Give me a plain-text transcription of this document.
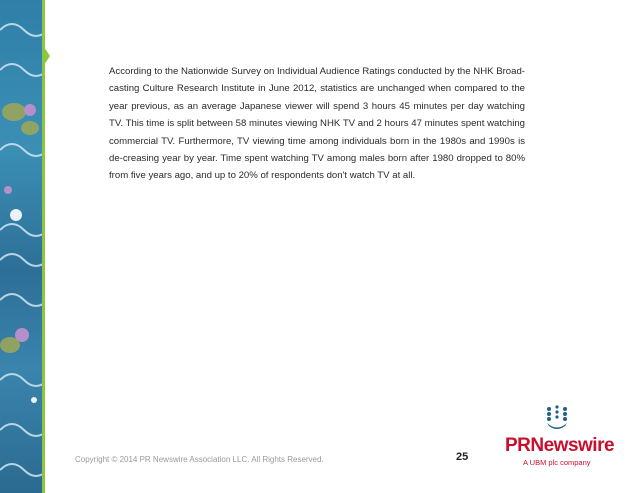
According to the Nationwide Survey on Individual Audience Ratings conducted by the NHK Broad-casting Culture Research Institute in June 2012, statistics are unchanged when compared to the year previous, as an average Japanese viewer will spend 3 hours 45 minutes per day watching TV. This time is split between 58 minutes viewing NHK TV and 2 hours 47 minutes spent watching commercial TV. Furthermore, TV viewing time among individuals born in the 1980s and 1990s is de-creasing year by year. Time spent watching TV among males born after 1980 dropped to 80% from five years ago, and up to 20% of respondents don't watch TV at all.

Copyright © 2014 PR Newswire Association LLC. All Rights Reserved.	25
PRNewswire
A UBM plc company
